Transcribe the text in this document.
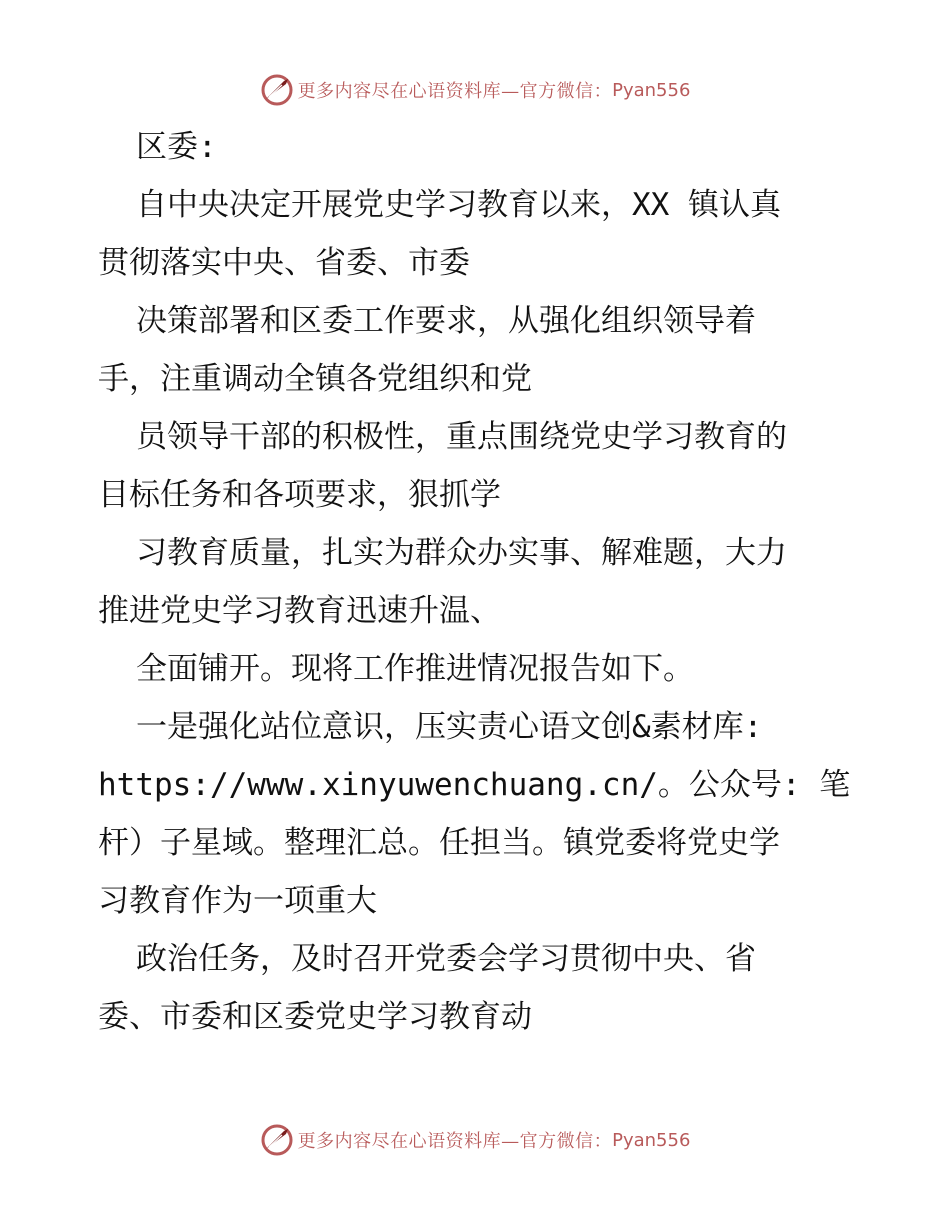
更多内容尽在心语资料库—官方微信： Pyan556
区委:
自中央决定开展党史学习教育以来，XX 镇认真
贯彻落实中央、省委、市委
决策部署和区委工作要求，从强化组织领导着
手，注重调动全镇各党组织和党
员领导干部的积极性，重点围绕党史学习教育的
目标任务和各项要求，狠抓学
习教育质量，扎实为群众办实事、解难题，大力
推进党史学习教育迅速升温、
全面铺开。现将工作推进情况报告如下。
一是强化站位意识，压实责心语文创&素材库:
https://www.xinyuwenchuang.cn/。公众号: 笔
杆）子星域。整理汇总。任担当。镇党委将党史学
习教育作为一项重大
政治任务，及时召开党委会学习贯彻中央、省
委、市委和区委党史学习教育动
更多内容尽在心语资料库—官方微信： Pyan556
